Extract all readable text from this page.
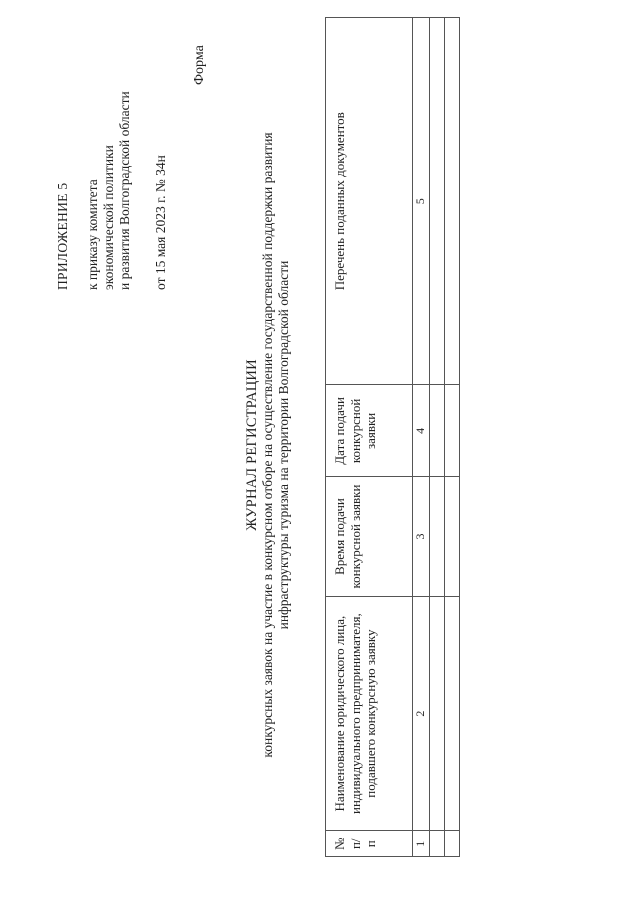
ПРИЛОЖЕНИЕ 5 к приказу комитета экономической политики и развития Волгоградской области от 15 мая 2023 г. № 34н
Форма
ЖУРНАЛ РЕГИСТРАЦИИ конкурсных заявок на участие в конкурсном отборе на осуществление государственной поддержки развития инфраструктуры туризма на территории Волгоградской области
№ п/п	Наименование юридического лица, индивидуального предпринимателя, подавшего конкурсную заявку	Время подачи конкурсной заявки	Дата подачи конкурсной заявки	Перечень поданных документов
1	2	3	4	5
